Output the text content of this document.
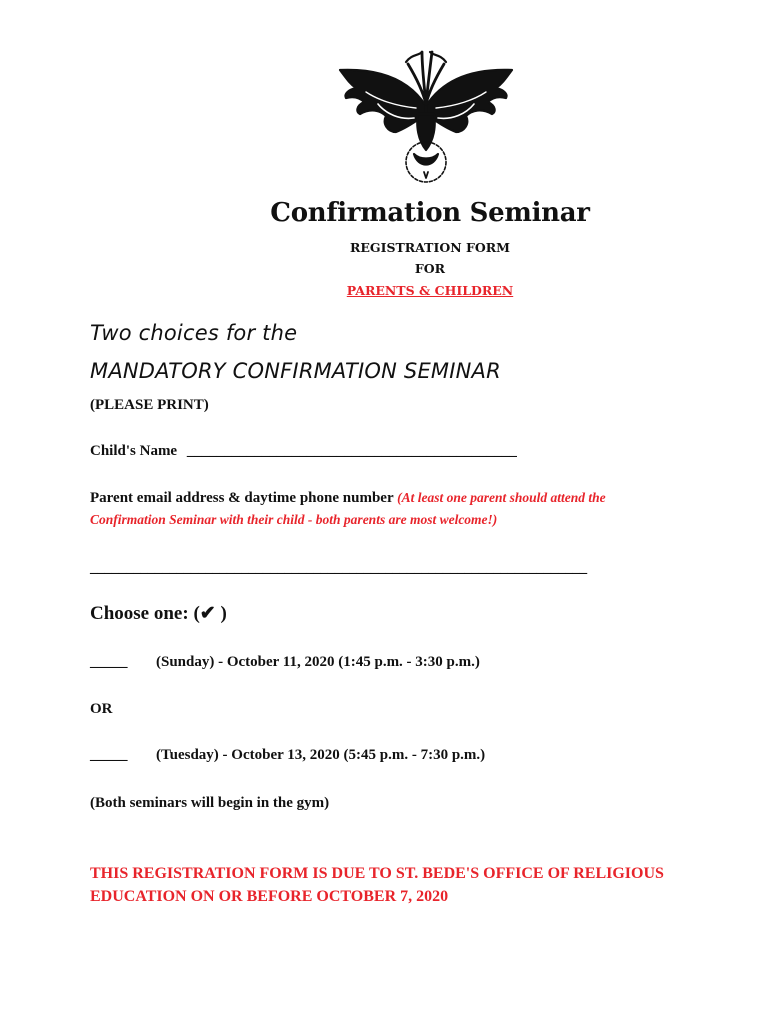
Confirmation Seminar
REGISTRATION FORM
FOR
PARENTS & CHILDREN
Two choices for the
MANDATORY CONFIRMATION SEMINAR
(PLEASE PRINT)
Child's Name ____________________________________________
Parent email address & daytime phone number (At least one parent should attend the
Confirmation Seminar with their child - both parents are most welcome!)
_____________________________________________________________________
Choose one: (✔ )
_____ (Sunday) - October 11, 2020 (1:45 p.m. - 3:30 p.m.)
OR
_____ (Tuesday) - October 13, 2020 (5:45 p.m. - 7:30 p.m.)
(Both seminars will begin in the gym)
THIS REGISTRATION FORM IS DUE TO ST. BEDE'S OFFICE OF RELIGIOUS EDUCATION ON OR BEFORE OCTOBER 7, 2020
